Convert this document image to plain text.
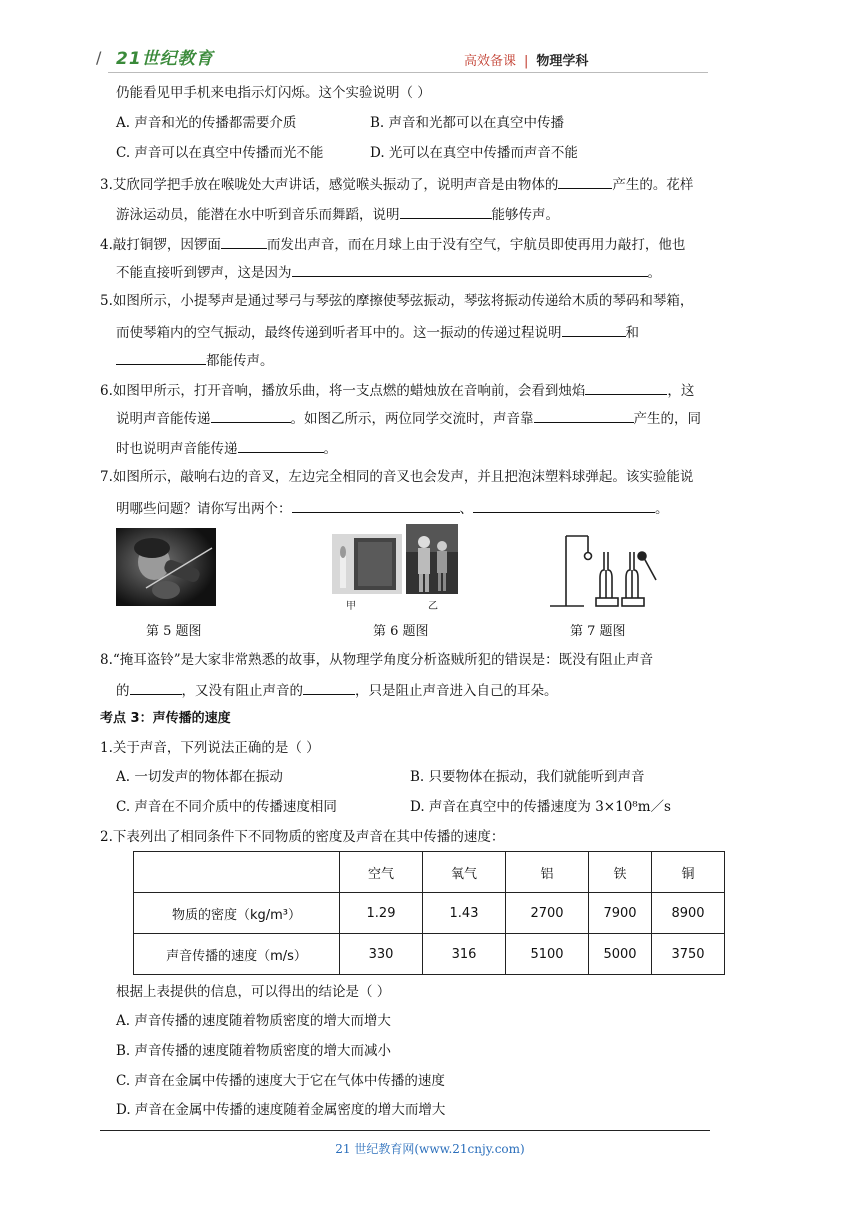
/ 21世纪教育	高效备课 | 物理学科
仍能看见甲手机来电指示灯闪烁。这个实验说明（ ）
A. 声音和光的传播都需要介质	B. 声音和光都可以在真空中传播
C. 声音可以在真空中传播而光不能	D. 光可以在真空中传播而声音不能
3.艾欣同学把手放在喉咙处大声讲话，感觉喉头振动了，说明声音是由物体的	产生的。花样
游泳运动员，能潜在水中听到音乐而舞蹈，说明	能够传声。
4.敲打铜锣，因锣面	而发出声音，而在月球上由于没有空气，宇航员即使再用力敲打，他也
不能直接听到锣声，这是因为	。
5.如图所示，小提琴声是通过琴弓与琴弦的摩擦使琴弦振动，琴弦将振动传递给木质的琴码和琴箱，
而使琴箱内的空气振动，最终传递到听者耳中的。这一振动的传递过程说明	和
都能传声。
6.如图甲所示，打开音响，播放乐曲，将一支点燃的蜡烛放在音响前，会看到烛焰	，这
说明声音能传递	。如图乙所示，两位同学交流时，声音靠	产生的，同
时也说明声音能传递	。
7.如图所示，敲响右边的音叉，左边完全相同的音叉也会发声，并且把泡沫塑料球弹起。该实验能说
明哪些问题？请你写出两个：	、	。
甲	乙
第 5 题图	第 6 题图	第 7 题图
8.“掩耳盗铃”是大家非常熟悉的故事，从物理学角度分析盗贼所犯的错误是：既没有阻止声音
的	，又没有阻止声音的	，只是阻止声音进入自己的耳朵。
考点 3：声传播的速度
1.关于声音，下列说法正确的是（ ）
A. 一切发声的物体都在振动	B. 只要物体在振动，我们就能听到声音
C. 声音在不同介质中的传播速度相同	D. 声音在真空中的传播速度为 3×10⁸m／s
2.下表列出了相同条件下不同物质的密度及声音在其中传播的速度：
	空气	氧气	铝	铁	铜
物质的密度（kg/m³）	1.29	1.43	2700	7900	8900
声音传播的速度（m/s）	330	316	5100	5000	3750
根据上表提供的信息，可以得出的结论是（ ）
A. 声音传播的速度随着物质密度的增大而增大
B. 声音传播的速度随着物质密度的增大而减小
C. 声音在金属中传播的速度大于它在气体中传播的速度
D. 声音在金属中传播的速度随着金属密度的增大而增大
21 世纪教育网(www.21cnjy.com)
